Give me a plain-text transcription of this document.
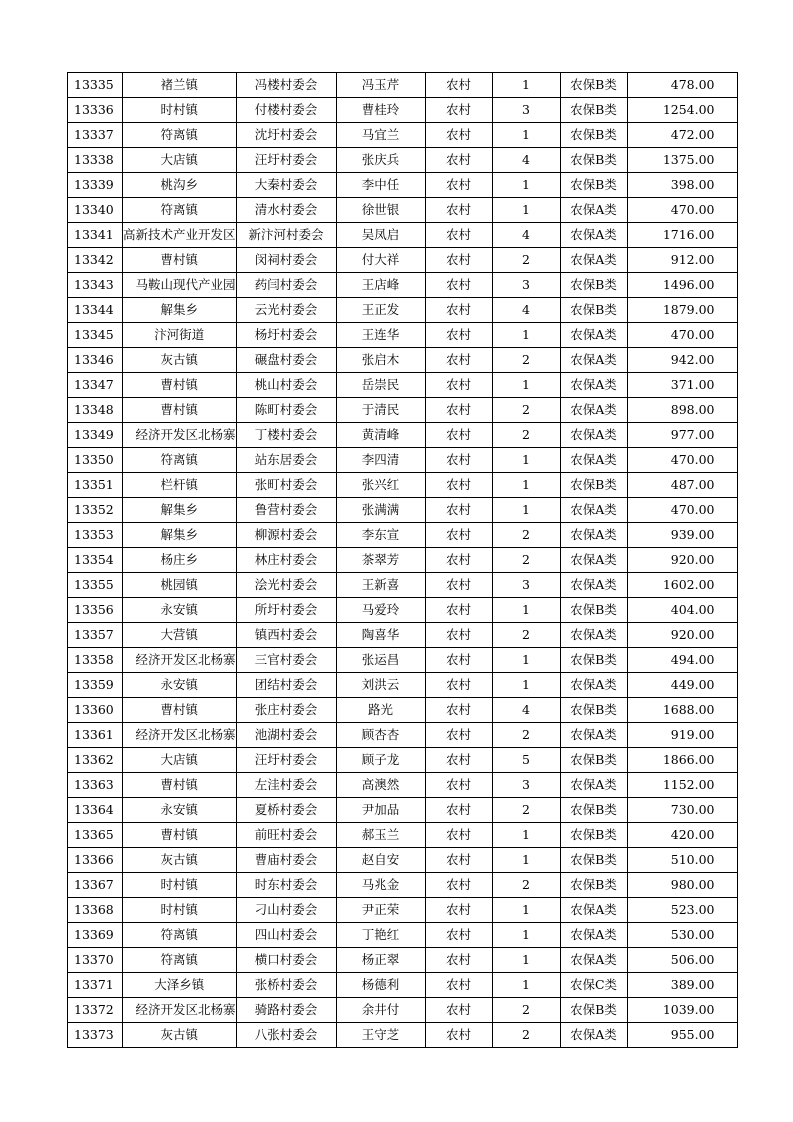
13335	褚兰镇	冯楼村委会	冯玉芹	农村	1	农保B类	478.00
13336	时村镇	付楼村委会	曹桂玲	农村	3	农保B类	1254.00
13337	符离镇	沈圩村委会	马宜兰	农村	1	农保B类	472.00
13338	大店镇	汪圩村委会	张庆兵	农村	4	农保B类	1375.00
13339	桃沟乡	大秦村委会	李中任	农村	1	农保B类	398.00
13340	符离镇	清水村委会	徐世银	农村	1	农保A类	470.00
13341	高新技术产业开发区	新汴河村委会	吴凤启	农村	4	农保A类	1716.00
13342	曹村镇	闵祠村委会	付大祥	农村	2	农保A类	912.00
13343	马鞍山现代产业园	药闫村委会	王店峰	农村	3	农保B类	1496.00
13344	解集乡	云光村委会	王正发	农村	4	农保B类	1879.00
13345	汴河街道	杨圩村委会	王连华	农村	1	农保A类	470.00
13346	灰古镇	碾盘村委会	张启木	农村	2	农保A类	942.00
13347	曹村镇	桃山村委会	岳崇民	农村	1	农保A类	371.00
13348	曹村镇	陈町村委会	于清民	农村	2	农保A类	898.00
13349	经济开发区北杨寨	丁楼村委会	黄清峰	农村	2	农保A类	977.00
13350	符离镇	站东居委会	李四清	农村	1	农保A类	470.00
13351	栏杆镇	张町村委会	张兴红	农村	1	农保B类	487.00
13352	解集乡	鲁营村委会	张满满	农村	1	农保A类	470.00
13353	解集乡	柳源村委会	李东宣	农村	2	农保A类	939.00
13354	杨庄乡	林庄村委会	茶翠芳	农村	2	农保A类	920.00
13355	桃园镇	浍光村委会	王新喜	农村	3	农保A类	1602.00
13356	永安镇	所圩村委会	马爱玲	农村	1	农保B类	404.00
13357	大营镇	镇西村委会	陶喜华	农村	2	农保A类	920.00
13358	经济开发区北杨寨	三官村委会	张运昌	农村	1	农保B类	494.00
13359	永安镇	团结村委会	刘洪云	农村	1	农保A类	449.00
13360	曹村镇	张庄村委会	路光	农村	4	农保B类	1688.00
13361	经济开发区北杨寨	池湖村委会	顾杏杏	农村	2	农保A类	919.00
13362	大店镇	汪圩村委会	顾子龙	农村	5	农保B类	1866.00
13363	曹村镇	左洼村委会	高澳然	农村	3	农保A类	1152.00
13364	永安镇	夏桥村委会	尹加品	农村	2	农保B类	730.00
13365	曹村镇	前旺村委会	郝玉兰	农村	1	农保B类	420.00
13366	灰古镇	曹庙村委会	赵自安	农村	1	农保B类	510.00
13367	时村镇	时东村委会	马兆金	农村	2	农保B类	980.00
13368	时村镇	刁山村委会	尹正荣	农村	1	农保A类	523.00
13369	符离镇	四山村委会	丁艳红	农村	1	农保A类	530.00
13370	符离镇	横口村委会	杨正翠	农村	1	农保A类	506.00
13371	大泽乡镇	张桥村委会	杨德利	农村	1	农保C类	389.00
13372	经济开发区北杨寨	骑路村委会	余井付	农村	2	农保B类	1039.00
13373	灰古镇	八张村委会	王守芝	农村	2	农保A类	955.00
